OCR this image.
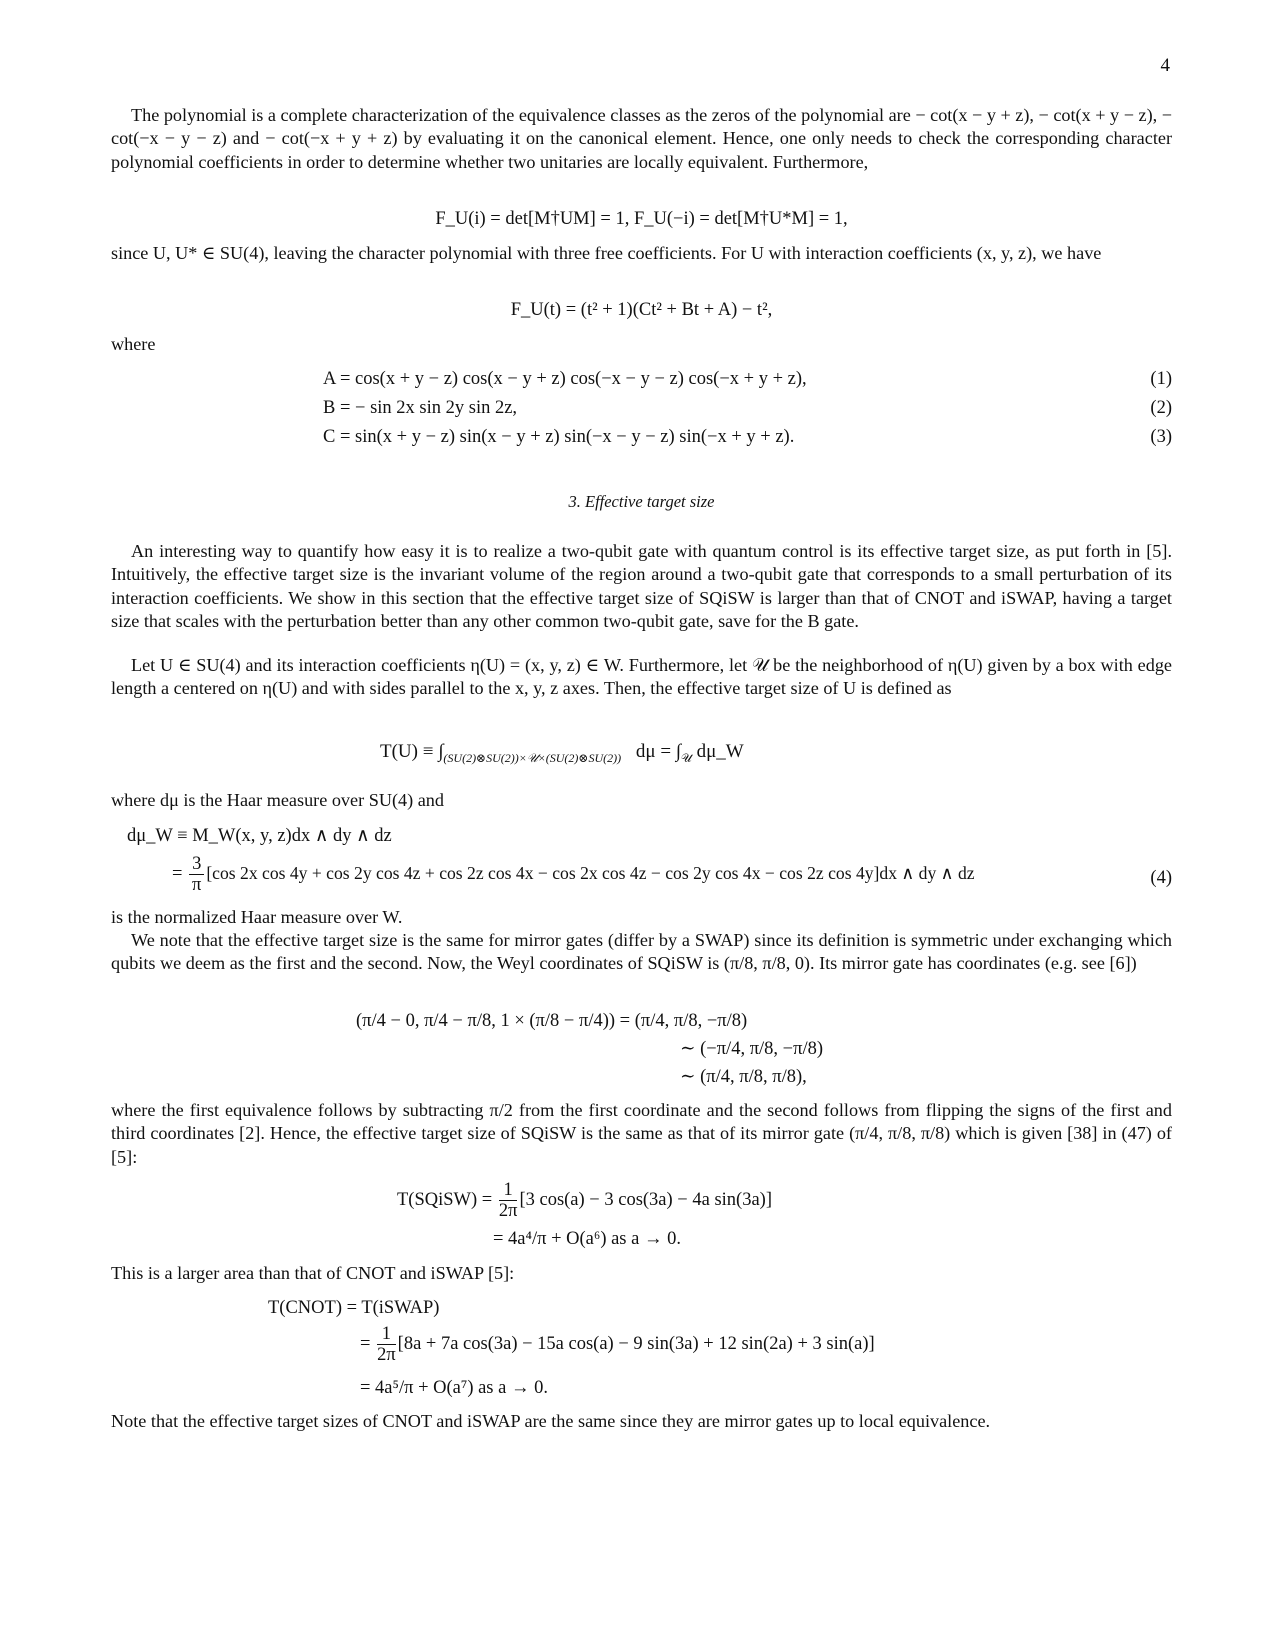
4
The polynomial is a complete characterization of the equivalence classes as the zeros of the polynomial are − cot(x − y + z), − cot(x + y − z), − cot(−x − y − z) and − cot(−x + y + z) by evaluating it on the canonical element. Hence, one only needs to check the corresponding character polynomial coefficients in order to determine whether two unitaries are locally equivalent. Furthermore,
F_U(i) = det[M†UM] = 1, F_U(−i) = det[M†U*M] = 1,
since U, U* ∈ SU(4), leaving the character polynomial with three free coefficients. For U with interaction coefficients (x, y, z), we have
F_U(t) = (t² + 1)(Ct² + Bt + A) − t²,
where
A = cos(x + y − z) cos(x − y + z) cos(−x − y − z) cos(−x + y + z),	(1)
B = − sin 2x sin 2y sin 2z,	(2)
C = sin(x + y − z) sin(x − y + z) sin(−x − y − z) sin(−x + y + z).	(3)
3. Effective target size
An interesting way to quantify how easy it is to realize a two-qubit gate with quantum control is its effective target size, as put forth in [5]. Intuitively, the effective target size is the invariant volume of the region around a two-qubit gate that corresponds to a small perturbation of its interaction coefficients. We show in this section that the effective target size of SQiSW is larger than that of CNOT and iSWAP, having a target size that scales with the perturbation better than any other common two-qubit gate, save for the B gate.
Let U ∈ SU(4) and its interaction coefficients η(U) = (x, y, z) ∈ W. Furthermore, let 𝒰 be the neighborhood of η(U) given by a box with edge length a centered on η(U) and with sides parallel to the x, y, z axes. Then, the effective target size of U is defined as
$T(U) \equiv \int_{(SU(2)\otimes SU(2))\times 𝒰\times(SU(2)\otimes SU(2))}$ $d\mu = \int_𝒰$ dμ_W
where dμ is the Haar measure over SU(4) and
dμ_W ≡ M_W(x, y, z)dx ∧ dy ∧ dz
= $\frac{3}{\pi} [\cos$ 2x cos 4y + cos 2y cos 4z + cos 2z cos 4x − cos 2x cos 4z − cos 2y cos 4x − cos 2z cos 4y]dx ∧ dy ∧ dz	(4)
is the normalized Haar measure over W.
We note that the effective target size is the same for mirror gates (differ by a SWAP) since its definition is symmetric under exchanging which qubits we deem as the first and the second. Now, the Weyl coordinates of SQiSW is (π/8, π/8, 0). Its mirror gate has coordinates (e.g. see [6])
(π/4 − 0, π/4 − π/8, 1 × (π/8 − π/4)) = (π/4, π/8, −π/8)
∼ (−π/4, π/8, −π/8)
∼ (π/4, π/8, π/8),
where the first equivalence follows by subtracting π/2 from the first coordinate and the second follows from flipping the signs of the first and third coordinates [2]. Hence, the effective target size of SQiSW is the same as that of its mirror gate (π/4, π/8, π/8) which is given [38] in (47) of [5]:
T(SQiSW) = $\frac{1}{2\pi} [3$ cos(a) − 3 cos(3a) − 4a sin(3a)]
= 4a⁴/π + O(a⁶) as a → 0.
This is a larger area than that of CNOT and iSWAP [5]:
T(CNOT) = T(iSWAP)
= $\frac{1}{2\pi} [8a + 7a$ cos(3a) − 15a cos(a) − 9 sin(3a) + 12 sin(2a) + 3 sin(a)]
= 4a⁵/π + O(a⁷) as a → 0.
Note that the effective target sizes of CNOT and iSWAP are the same since they are mirror gates up to local equivalence.
